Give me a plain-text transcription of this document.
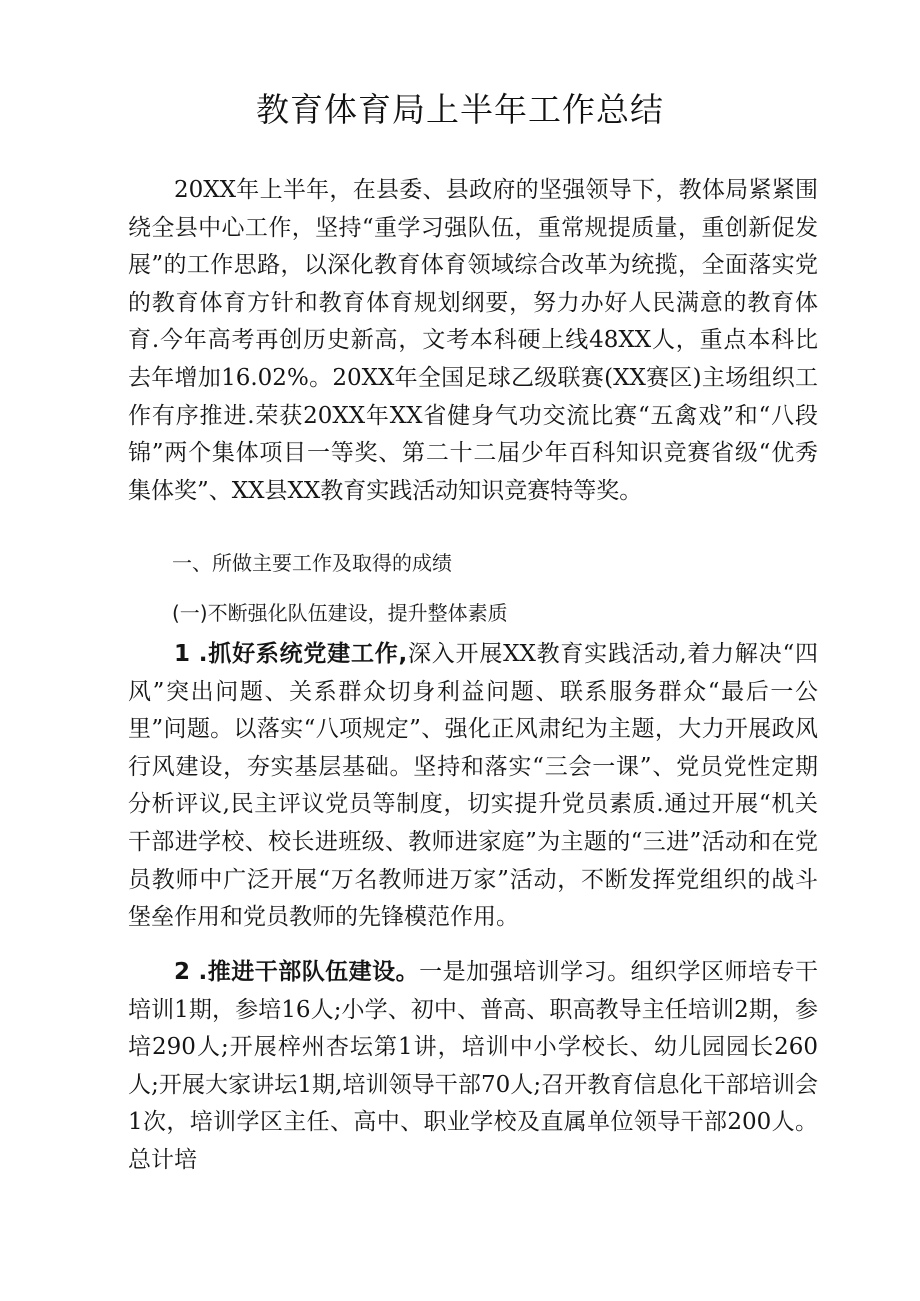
教育体育局上半年工作总结
20XX年上半年，在县委、县政府的坚强领导下，教体局紧紧围绕全县中心工作，坚持“重学习强队伍，重常规提质量，重创新促发展”的工作思路，以深化教育体育领域综合改革为统揽，全面落实党的教育体育方针和教育体育规划纲要，努力办好人民满意的教育体育.今年高考再创历史新高，文考本科硬上线48XX人，重点本科比去年增加16.02%。20XX年全国足球乙级联赛(XX赛区)主场组织工作有序推进.荣获20XX年XX省健身气功交流比赛“五禽戏”和“八段锦”两个集体项目一等奖、第二十二届少年百科知识竞赛省级“优秀集体奖”、XX县XX教育实践活动知识竞赛特等奖。
一、所做主要工作及取得的成绩
(一)不断强化队伍建设，提升整体素质
1 .抓好系统党建工作,深入开展XX教育实践活动,着力解决“四风”突出问题、关系群众切身利益问题、联系服务群众“最后一公里”问题。以落实“八项规定”、强化正风肃纪为主题，大力开展政风行风建设，夯实基层基础。坚持和落实“三会一课”、党员党性定期分析评议,民主评议党员等制度，切实提升党员素质.通过开展“机关干部进学校、校长进班级、教师进家庭”为主题的“三进”活动和在党员教师中广泛开展“万名教师进万家”活动，不断发挥党组织的战斗堡垒作用和党员教师的先锋模范作用。
2 .推进干部队伍建设。一是加强培训学习。组织学区师培专干培训1期，参培16人;小学、初中、普高、职高教导主任培训2期，参培290人;开展梓州杏坛第1讲，培训中小学校长、幼儿园园长260人;开展大家讲坛1期,培训领导干部70人;召开教育信息化干部培训会1次，培训学区主任、高中、职业学校及直属单位领导干部200人。总计培
